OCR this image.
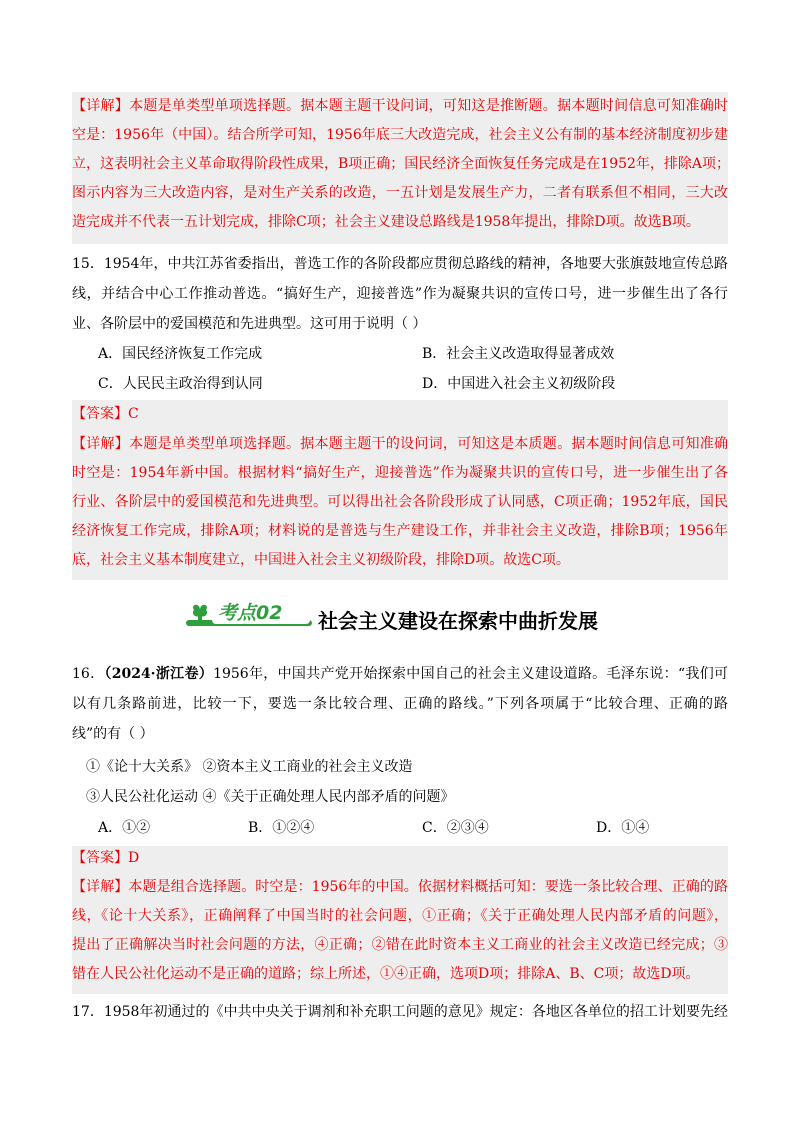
【详解】本题是单类型单项选择题。据本题主题干设问词，可知这是推断题。据本题时间信息可知准确时
空是：1956年（中国）。结合所学可知，1956年底三大改造完成，社会主义公有制的基本经济制度初步建
立，这表明社会主义革命取得阶段性成果，B项正确；国民经济全面恢复任务完成是在1952年，排除A项；
图示内容为三大改造内容，是对生产关系的改造，一五计划是发展生产力，二者有联系但不相同，三大改
造完成并不代表一五计划完成，排除C项；社会主义建设总路线是1958年提出，排除D项。故选B项。
15．1954年，中共江苏省委指出，普选工作的各阶段都应贯彻总路线的精神，各地要大张旗鼓地宣传总路
线，并结合中心工作推动普选。“搞好生产，迎接普选”作为凝聚共识的宣传口号，进一步催生出了各行
业、各阶层中的爱国模范和先进典型。这可用于说明（ ）
A．国民经济恢复工作完成	B．社会主义改造取得显著成效
C．人民民主政治得到认同	D．中国进入社会主义初级阶段
【答案】C
【详解】本题是单类型单项选择题。据本题主题干的设问词，可知这是本质题。据本题时间信息可知准确
时空是：1954年新中国。根据材料“搞好生产，迎接普选”作为凝聚共识的宣传口号，进一步催生出了各
行业、各阶层中的爱国模范和先进典型。可以得出社会各阶段形成了认同感，C项正确；1952年底，国民
经济恢复工作完成，排除A项；材料说的是普选与生产建设工作，并非社会主义改造，排除B项；1956年
底，社会主义基本制度建立，中国进入社会主义初级阶段，排除D项。故选C项。
考点02 社会主义建设在探索中曲折发展
16．（2024·浙江卷）1956年，中国共产党开始探索中国自己的社会主义建设道路。毛泽东说：“我们可
以有几条路前进，比较一下，要选一条比较合理、正确的路线。”下列各项属于“比较合理、正确的路
线”的有（ ）
①《论十大关系》 ②资本主义工商业的社会主义改造
③人民公社化运动 ④《关于正确处理人民内部矛盾的问题》
A．①②	B．①②④	C．②③④	D．①④
【答案】D
【详解】本题是组合选择题。时空是：1956年的中国。依据材料概括可知：要选一条比较合理、正确的路
线，《论十大关系》，正确阐释了中国当时的社会问题，①正确；《关于正确处理人民内部矛盾的问题》，
提出了正确解决当时社会问题的方法，④正确；②错在此时资本主义工商业的社会主义改造已经完成；③
错在人民公社化运动不是正确的道路；综上所述，①④正确，选项D项；排除A、B、C项；故选D项。
17．1958年初通过的《中共中央关于调剂和补充职工问题的意见》规定：各地区各单位的招工计划要先经
